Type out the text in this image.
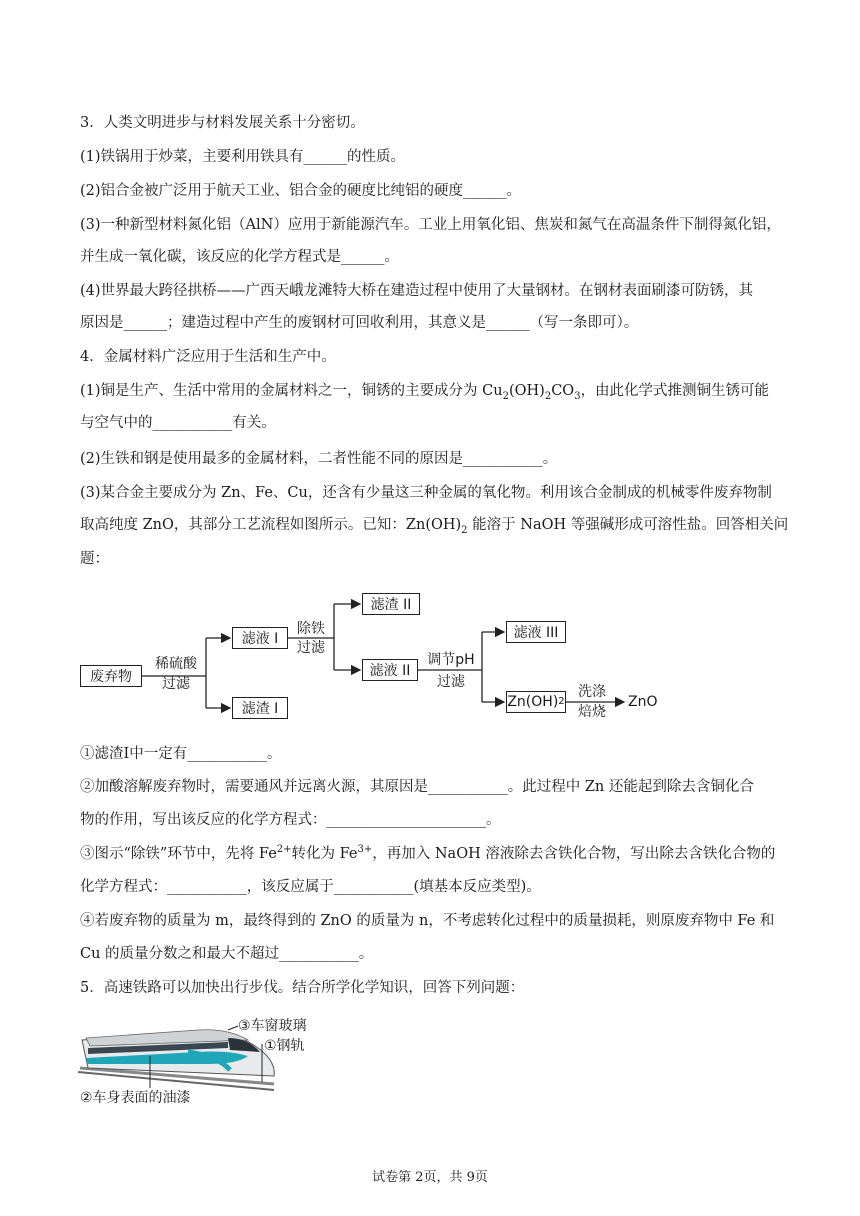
3．人类文明进步与材料发展关系十分密切。
(1)铁锅用于炒菜，主要利用铁具有______的性质。
(2)铝合金被广泛用于航天工业、铝合金的硬度比纯铝的硬度______。
(3)一种新型材料氮化铝（AlN）应用于新能源汽车。工业上用氧化铝、焦炭和氮气在高温条件下制得氮化铝，
并生成一氧化碳，该反应的化学方程式是______。
(4)世界最大跨径拱桥——广西天峨龙滩特大桥在建造过程中使用了大量钢材。在钢材表面刷漆可防锈，其
原因是______；建造过程中产生的废钢材可回收利用，其意义是______（写一条即可）。
4．金属材料广泛应用于生活和生产中。
(1)铜是生产、生活中常用的金属材料之一，铜锈的主要成分为 $Cu_2(OH)_2CO_3$，由此化学式推测铜生锈可能
与空气中的___________有关。
(2)生铁和钢是使用最多的金属材料，二者性能不同的原因是___________。
(3)某合金主要成分为 Zn、Fe、Cu，还含有少量这三种金属的氧化物。利用该合金制成的机械零件废弃物制
取高纯度 ZnO，其部分工艺流程如图所示。已知：$Zn(OH)_2$ 能溶于 NaOH 等强碱形成可溶性盐。回答相关问
题：
废弃物
稀硫酸
过滤
滤液 I
滤渣 I
除铁
过滤
滤渣 II
滤液 II
调节pH
过滤
滤液 III
Zn(OH) 2
洗涤
焙烧
ZnO
①滤渣I中一定有___________。
②加酸溶解废弃物时，需要通风并远离火源，其原因是___________。此过程中 Zn 还能起到除去含铜化合
物的作用，写出该反应的化学方程式：______________________。
③图示“除铁”环节中，先将 $Fe^{2+}$转化为 $Fe^{3+}$，再加入 NaOH 溶液除去含铁化合物，写出除去含铁化合物的
化学方程式：___________，该反应属于___________(填基本反应类型)。
④若废弃物的质量为 m，最终得到的 ZnO 的质量为 n，不考虑转化过程中的质量损耗，则原废弃物中 Fe 和
Cu 的质量分数之和最大不超过___________。
5．高速铁路可以加快出行步伐。结合所学化学知识，回答下列问题：
③车窗玻璃
①钢轨
②车身表面的油漆
试卷第 2页，共 9页
